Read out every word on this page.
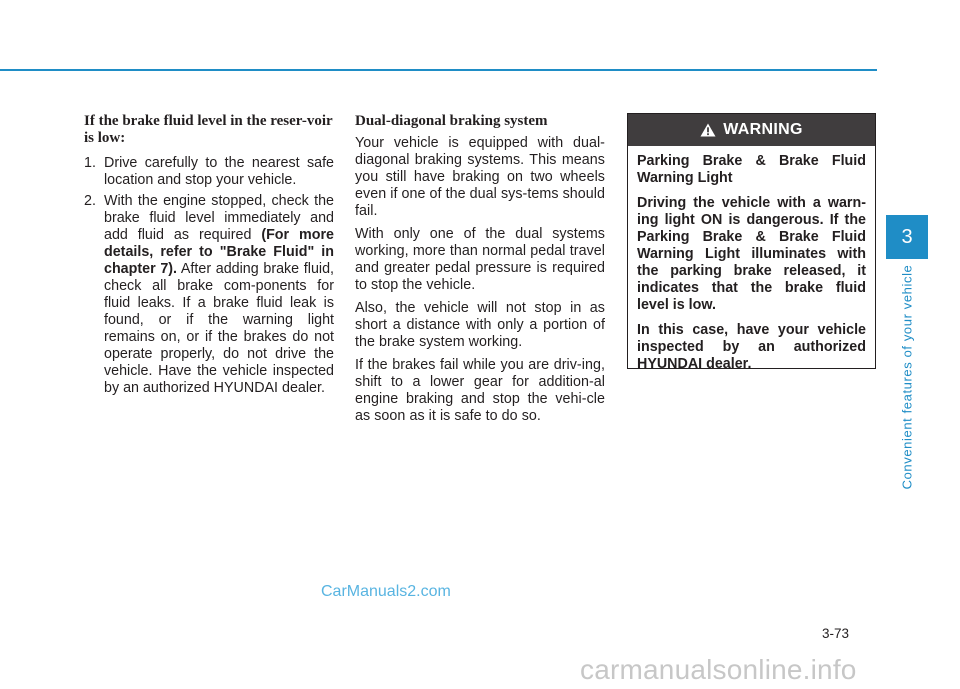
If the brake fluid level in the reser-voir is low:

1. Drive carefully to the nearest safe location and stop your vehicle.
2. With the engine stopped, check the brake fluid level immediately and add fluid as required (For more details, refer to "Brake Fluid" in chapter 7). After adding brake fluid, check all brake com-ponents for fluid leaks. If a brake fluid leak is found, or if the warning light remains on, or if the brakes do not operate properly, do not drive the vehicle. Have the vehicle inspected by an authorized HYUNDAI dealer.

Dual-diagonal braking system

Your vehicle is equipped with dual-diagonal braking systems. This means you still have braking on two wheels even if one of the dual sys-tems should fail.

With only one of the dual systems working, more than normal pedal travel and greater pedal pressure is required to stop the vehicle.

Also, the vehicle will not stop in as short a distance with only a portion of the brake system working.

If the brakes fail while you are driv-ing, shift to a lower gear for addition-al engine braking and stop the vehi-cle as soon as it is safe to do so.

WARNING

Parking Brake & Brake Fluid Warning Light

Driving the vehicle with a warn-ing light ON is dangerous. If the Parking Brake & Brake Fluid Warning Light illuminates with the parking brake released, it indicates that the brake fluid level is low.

In this case, have your vehicle inspected by an authorized HYUNDAI dealer.

3
Convenient features of your vehicle
3-73
CarManuals2.com
carmanualsonline.info
